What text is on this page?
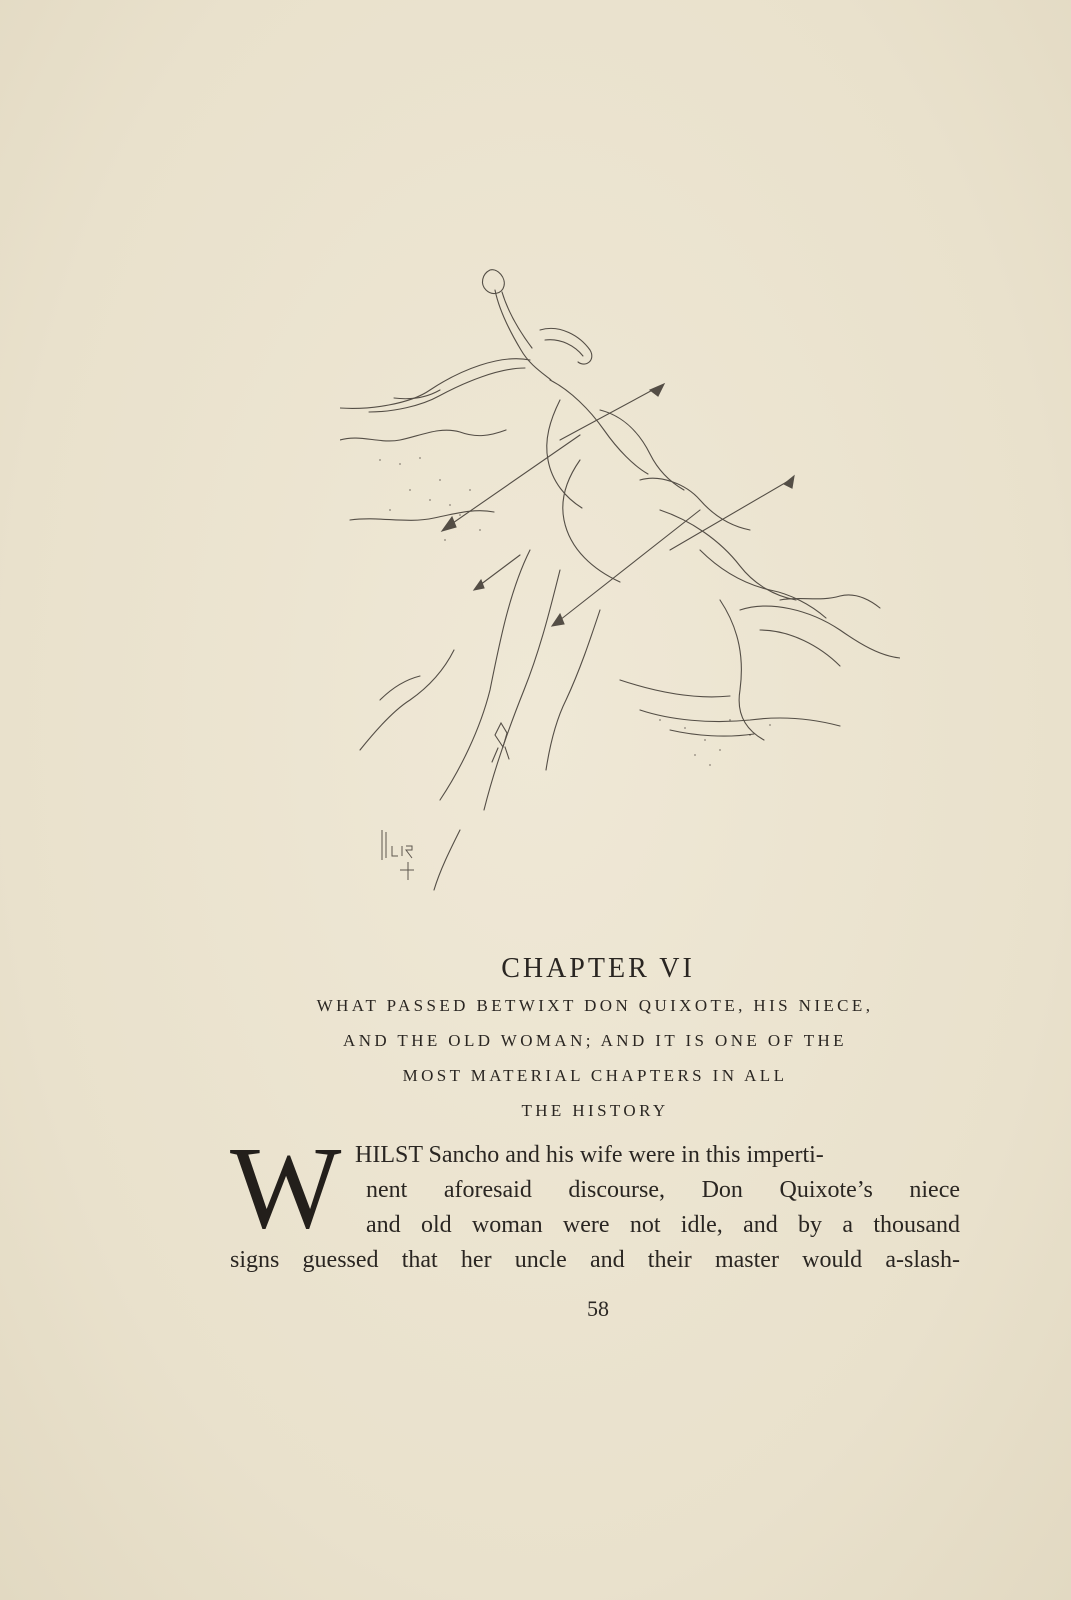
CHAPTER VI
WHAT PASSED BETWIXT DON QUIXOTE, HIS NIECE,
AND THE OLD WOMAN; AND IT IS ONE OF THE
MOST MATERIAL CHAPTERS IN ALL
THE HISTORY
W HILST Sancho and his wife were in this imperti-
nent aforesaid discourse, Don Quixote’s niece
and old woman were not idle, and by a thousand
signs guessed that her uncle and their master would a-slash-
58
